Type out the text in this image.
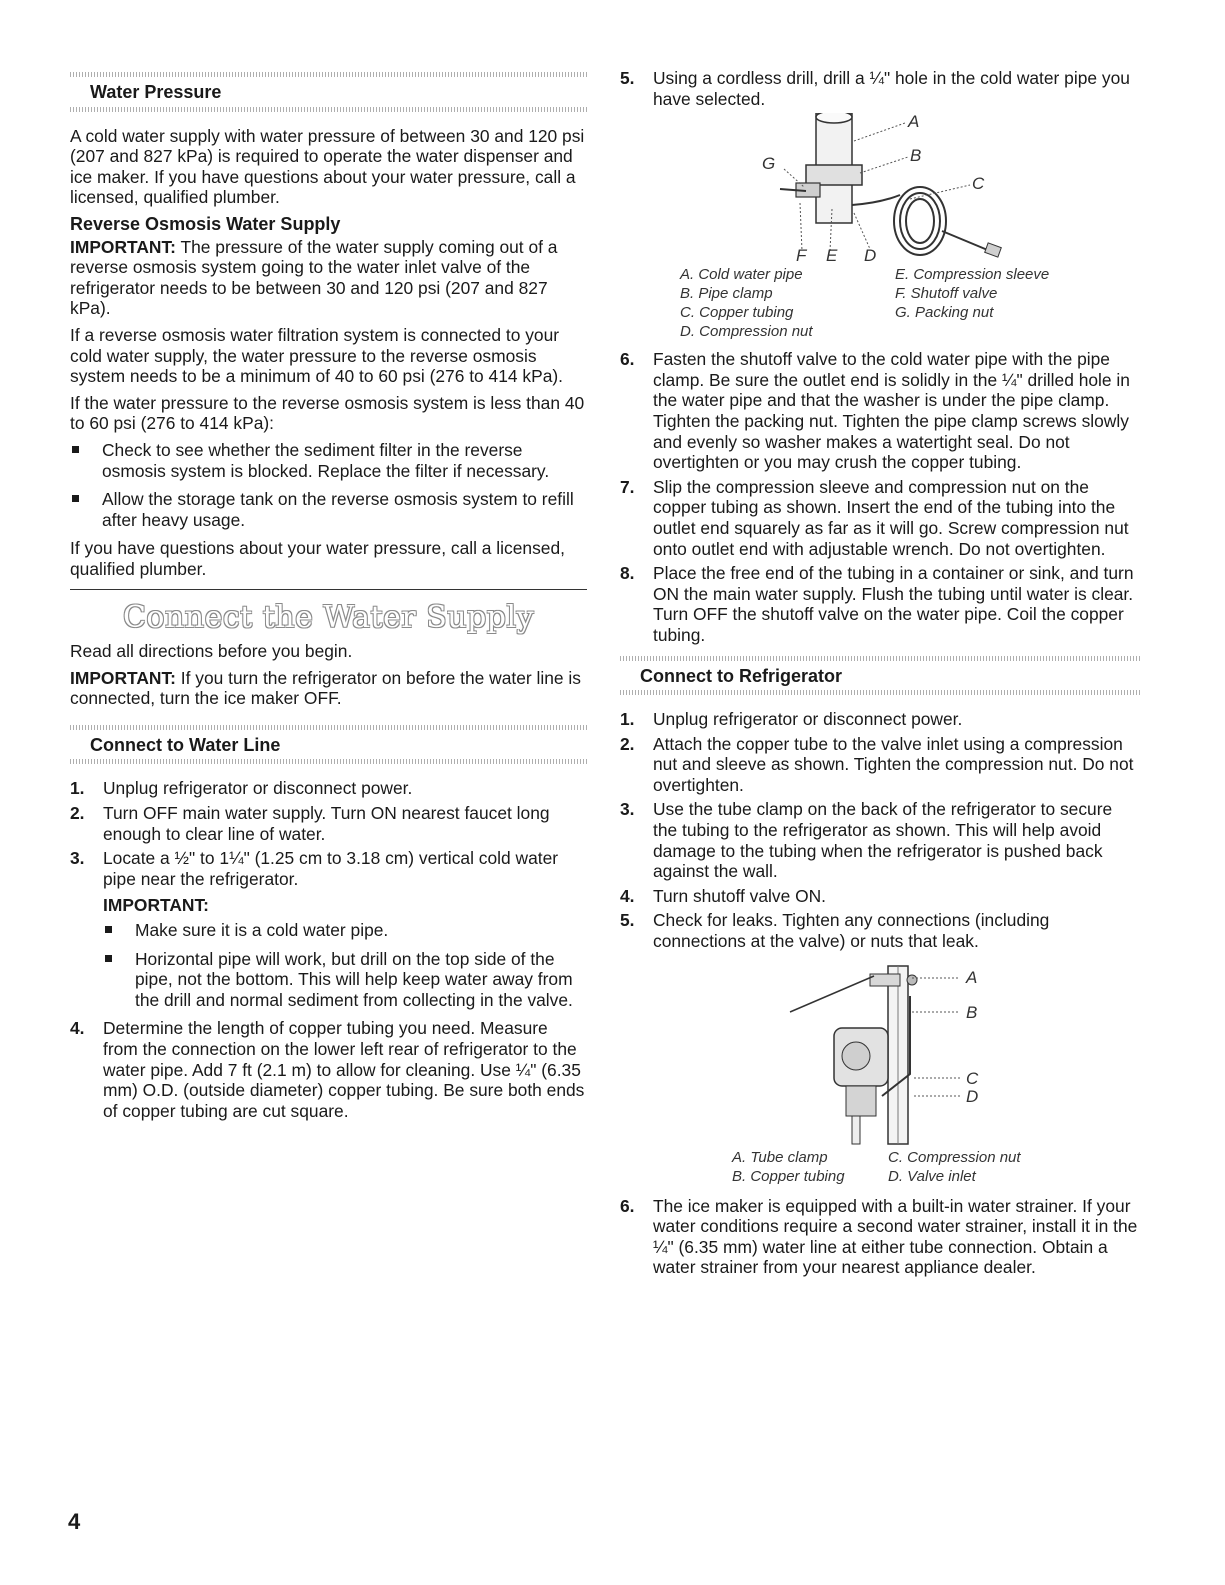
Water Pressure

A cold water supply with water pressure of between 30 and 120 psi (207 and 827 kPa) is required to operate the water dispenser and ice maker. If you have questions about your water pressure, call a licensed, qualified plumber.

Reverse Osmosis Water Supply

IMPORTANT: The pressure of the water supply coming out of a reverse osmosis system going to the water inlet valve of the refrigerator needs to be between 30 and 120 psi (207 and 827 kPa).

If a reverse osmosis water filtration system is connected to your cold water supply, the water pressure to the reverse osmosis system needs to be a minimum of 40 to 60 psi (276 to 414 kPa).

If the water pressure to the reverse osmosis system is less than 40 to 60 psi (276 to 414 kPa):

Check to see whether the sediment filter in the reverse osmosis system is blocked. Replace the filter if necessary.
Allow the storage tank on the reverse osmosis system to refill after heavy usage.

If you have questions about your water pressure, call a licensed, qualified plumber.

Connect the Water Supply

Read all directions before you begin.

IMPORTANT: If you turn the refrigerator on before the water line is connected, turn the ice maker OFF.

Connect to Water Line
1. Unplug refrigerator or disconnect power.
2. Turn OFF main water supply. Turn ON nearest faucet long enough to clear line of water.
3. Locate a ½" to 1¼" (1.25 cm to 3.18 cm) vertical cold water pipe near the refrigerator.
IMPORTANT:
Make sure it is a cold water pipe.
Horizontal pipe will work, but drill on the top side of the pipe, not the bottom. This will help keep water away from the drill and normal sediment from collecting in the valve.
4. Determine the length of copper tubing you need. Measure from the connection on the lower left rear of refrigerator to the water pipe. Add 7 ft (2.1 m) to allow for cleaning. Use ¼" (6.35 mm) O.D. (outside diameter) copper tubing. Be sure both ends of copper tubing are cut square.
5. Using a cordless drill, drill a ¼" hole in the cold water pipe you have selected.
A
B
C
G
F E D
A. Cold water pipe
B. Pipe clamp
C. Copper tubing
D. Compression nut
E. Compression sleeve
F. Shutoff valve
G. Packing nut
6. Fasten the shutoff valve to the cold water pipe with the pipe clamp. Be sure the outlet end is solidly in the ¼" drilled hole in the water pipe and that the washer is under the pipe clamp. Tighten the packing nut. Tighten the pipe clamp screws slowly and evenly so washer makes a watertight seal. Do not overtighten or you may crush the copper tubing.
7. Slip the compression sleeve and compression nut on the copper tubing as shown. Insert the end of the tubing into the outlet end squarely as far as it will go. Screw compression nut onto outlet end with adjustable wrench. Do not overtighten.
8. Place the free end of the tubing in a container or sink, and turn ON the main water supply. Flush the tubing until water is clear. Turn OFF the shutoff valve on the water pipe. Coil the copper tubing.
Connect to Refrigerator
1. Unplug refrigerator or disconnect power.
2. Attach the copper tube to the valve inlet using a compression nut and sleeve as shown. Tighten the compression nut. Do not overtighten.
3. Use the tube clamp on the back of the refrigerator to secure the tubing to the refrigerator as shown. This will help avoid damage to the tubing when the refrigerator is pushed back against the wall.
4. Turn shutoff valve ON.
5. Check for leaks. Tighten any connections (including connections at the valve) or nuts that leak.
A
B
C
D
A. Tube clamp
B. Copper tubing
C. Compression nut
D. Valve inlet
6. The ice maker is equipped with a built-in water strainer. If your water conditions require a second water strainer, install it in the ¼" (6.35 mm) water line at either tube connection. Obtain a water strainer from your nearest appliance dealer.
4
